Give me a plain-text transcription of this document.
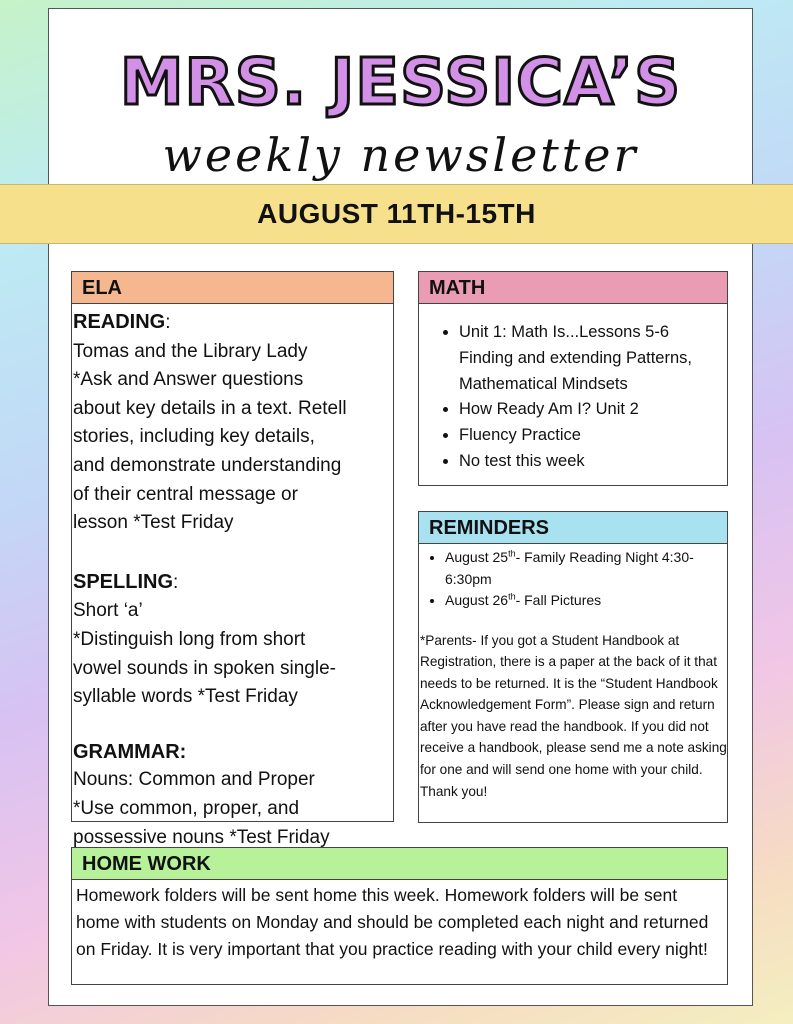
MRS. JESSICA’S
weekly newsletter
AUGUST 11TH-15TH
ELA
READING:
Tomas and the Library Lady
*Ask and Answer questions
about key details in a text. Retell
stories, including key details,
and demonstrate understanding
of their central message or
lesson *Test Friday
SPELLING:
Short ‘a’
*Distinguish long from short
vowel sounds in spoken single-
syllable words *Test Friday
GRAMMAR:
Nouns: Common and Proper
*Use common, proper, and
possessive nouns *Test Friday
MATH
• Unit 1: Math Is...Lessons 5-6 Finding and extending Patterns, Mathematical Mindsets
• How Ready Am I? Unit 2
• Fluency Practice
• No test this week
REMINDERS
• August 25th- Family Reading Night 4:30-6:30pm
• August 26th- Fall Pictures
*Parents- If you got a Student Handbook at Registration, there is a paper at the back of it that needs to be returned. It is the “Student Handbook Acknowledgement Form”. Please sign and return after you have read the handbook. If you did not receive a handbook, please send me a note asking for one and will send one home with your child. Thank you!
HOME WORK
Homework folders will be sent home this week. Homework folders will be sent home with students on Monday and should be completed each night and returned on Friday. It is very important that you practice reading with your child every night!
